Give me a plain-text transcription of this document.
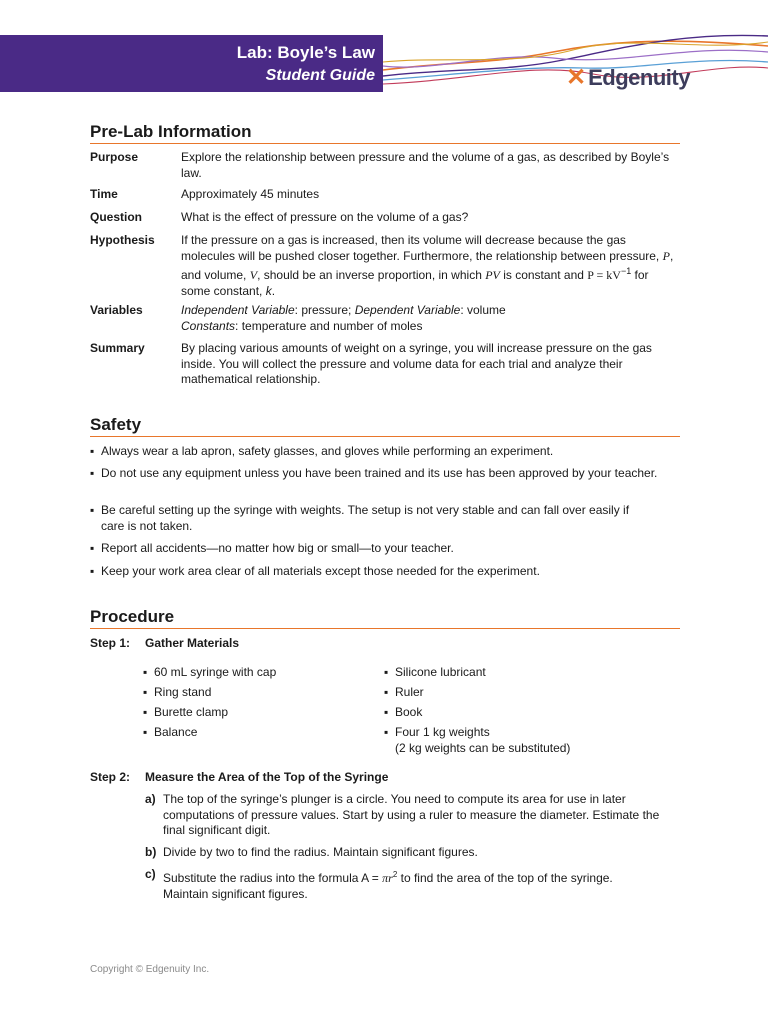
Lab: Boyle’s Law
Student Guide	✕ Edgenuity
Pre-Lab Information
Purpose	Explore the relationship between pressure and the volume of a gas, as described by Boyle’s law.
Time	Approximately 45 minutes
Question	What is the effect of pressure on the volume of a gas?
Hypothesis	If the pressure on a gas is increased, then its volume will decrease because the gas molecules will be pushed closer together. Furthermore, the relationship between pressure, P, and volume, V, should be an inverse proportion, in which PV is constant and $P = kV^{-1}$ for some constant, k.
Variables	Independent Variable: pressure; Dependent Variable: volume
Constants: temperature and number of moles
Summary	By placing various amounts of weight on a syringe, you will increase pressure on the gas inside. You will collect the pressure and volume data for each trial and analyze their mathematical relationship.
Safety
▪ Always wear a lab apron, safety glasses, and gloves while performing an experiment.
▪ Do not use any equipment unless you have been trained and its use has been approved by your teacher.
▪ Be careful setting up the syringe with weights. The setup is not very stable and can fall over easily if care is not taken.
▪ Report all accidents—no matter how big or small—to your teacher.
▪ Keep your work area clear of all materials except those needed for the experiment.
Procedure
Step 1: Gather Materials
▪ 60 mL syringe with cap
▪ Ring stand
▪ Burette clamp
▪ Balance
▪ Silicone lubricant
▪ Ruler
▪ Book
▪ Four 1 kg weights
(2 kg weights can be substituted)
Step 2: Measure the Area of the Top of the Syringe
a) The top of the syringe’s plunger is a circle. You need to compute its area for use in later computations of pressure values. Start by using a ruler to measure the diameter. Estimate the final significant digit.
b) Divide by two to find the radius. Maintain significant figures.
c) Substitute the radius into the formula $A = \pi r^2$ to find the area of the top of the syringe. Maintain significant figures.
Copyright © Edgenuity Inc.
